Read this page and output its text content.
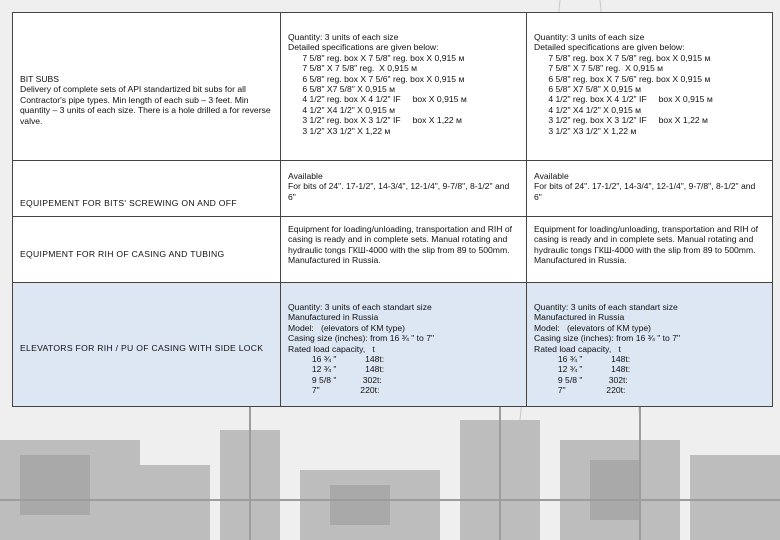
BIT SUBS
Delivery of complete sets of API standartized bit subs for all Contractor's pipe types. Min length of each sub – 3 feet. Min quantity – 3 units of each size. There is a hole drilled a for reverse valve.
Quantity: 3 units of each size
Detailed specifications are given below:
7 5/8" reg. box X 7 5/8" reg. box X 0,915 м
7 5/8" X 7 5/8" reg.  X 0,915 м
6 5/8" reg. box X 7 5/6" reg. box X 0,915 м
6 5/8" X7 5/8" X 0,915 м
4 1/2" reg. box X 4 1/2" IF     box X 0,915 м
4 1/2" X4 1/2" X 0,915 м
3 1/2" reg. box X 3 1/2" IF     box X 1,22 м
3 1/2" X3 1/2" X 1,22 м
Quantity: 3 units of each size
Detailed specifications are given below:
7 5/8" reg. box X 7 5/8" reg. box X 0,915 м
7 5/8" X 7 5/8" reg.  X 0,915 м
6 5/8" reg. box X 7 5/6" reg. box X 0,915 м
6 5/8" X7 5/8" X 0,915 м
4 1/2" reg. box X 4 1/2" IF     box X 0,915 м
4 1/2" X4 1/2" X 0,915 м
3 1/2" reg. box X 3 1/2" IF     box X 1,22 м
3 1/2" X3 1/2" X 1,22 м
EQUIPEMENT FOR BITS' SCREWING ON AND OFF
Available
For bits of 24". 17-1/2", 14-3/4", 12-1/4", 9-7/8", 8-1/2" and 6"
Available
For bits of 24". 17-1/2", 14-3/4", 12-1/4", 9-7/8", 8-1/2" and 6"
EQUIPMENT FOR RIH OF CASING AND TUBING
Equipment for loading/unloading, transportation and RIH of casing is ready and in complete sets. Manual rotating and hydraulic tongs ГКШ-4000 with the slip from 89 to 500mm. Manufactured in Russia.
Equipment for loading/unloading, transportation and RIH of casing is ready and in complete sets. Manual rotating and hydraulic tongs ГКШ-4000 with the slip from 89 to 500mm. Manufactured in Russia.
ELEVATORS FOR RIH / PU OF CASING WITH SIDE LOCK
Quantity: 3 units of each standart size
Manufactured in Russia
Model:   (elevators of KM type)
Casing size (inches): from 16 ¾ " to 7"
Rated load capacity,   t
16 ¾ "            148t:
12 ¾ "            148t:
9 5/8 "           302t:
7"                 220t:
Quantity: 3 units of each standart size
Manufactured in Russia
Model:   (elevators of KM type)
Casing size (inches): from 16 ¾ " to 7"
Rated load capacity,   t
16 ¾ "            148t:
12 ¾ "            148t:
9 5/8 "           302t:
7"                 220t:
